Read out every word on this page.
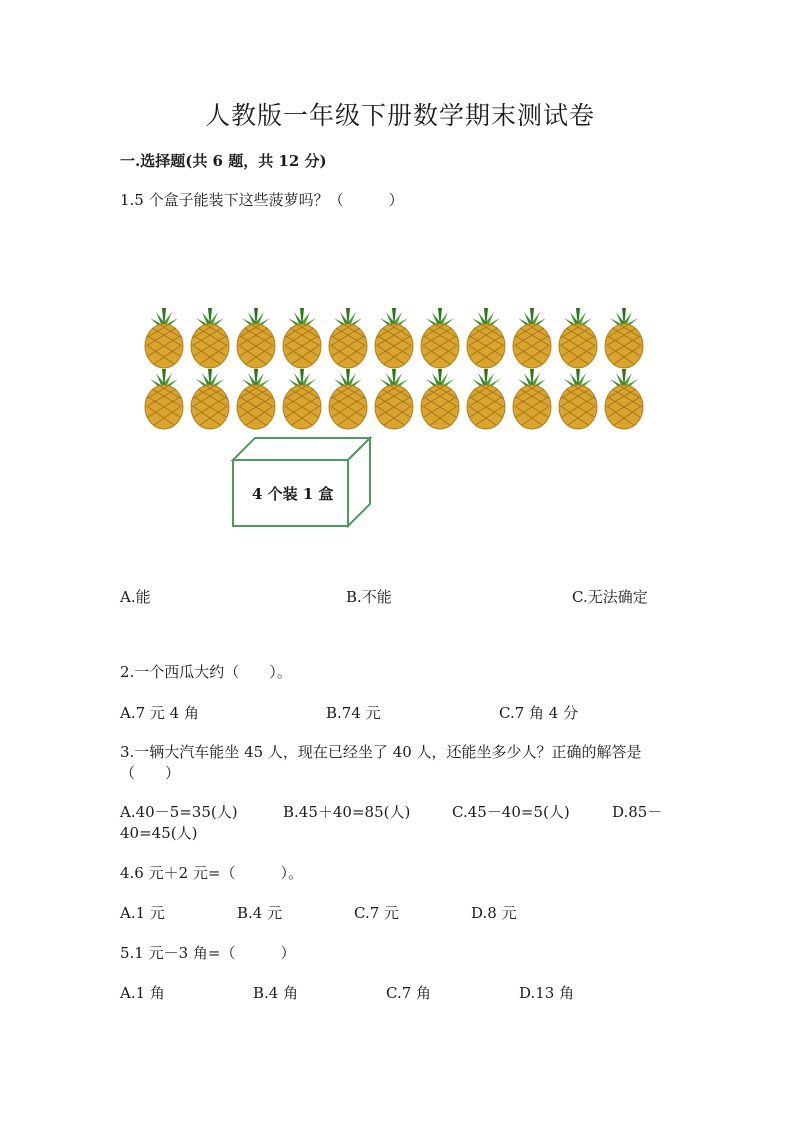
人教版一年级下册数学期末测试卷
一.选择题(共 6 题，共 12 分)
1.5 个盒子能装下这些菠萝吗？（　　　）
4 个装 1 盒
A.能	B.不能	C.无法确定
2.一个西瓜大约（　　）。
A.7 元 4 角	B.74 元	C.7 角 4 分
3.一辆大汽车能坐 45 人，现在已经坐了 40 人，还能坐多少人？正确的解答是
（　　）
A.40－5=35(人)	B.45＋40=85(人)	C.45－40=5(人)	D.85－
40=45(人)
4.6 元＋2 元=（　　　）。
A.1 元	B.4 元	C.7 元	D.8 元
5.1 元－3 角=（　　　）
A.1 角	B.4 角	C.7 角	D.13 角
